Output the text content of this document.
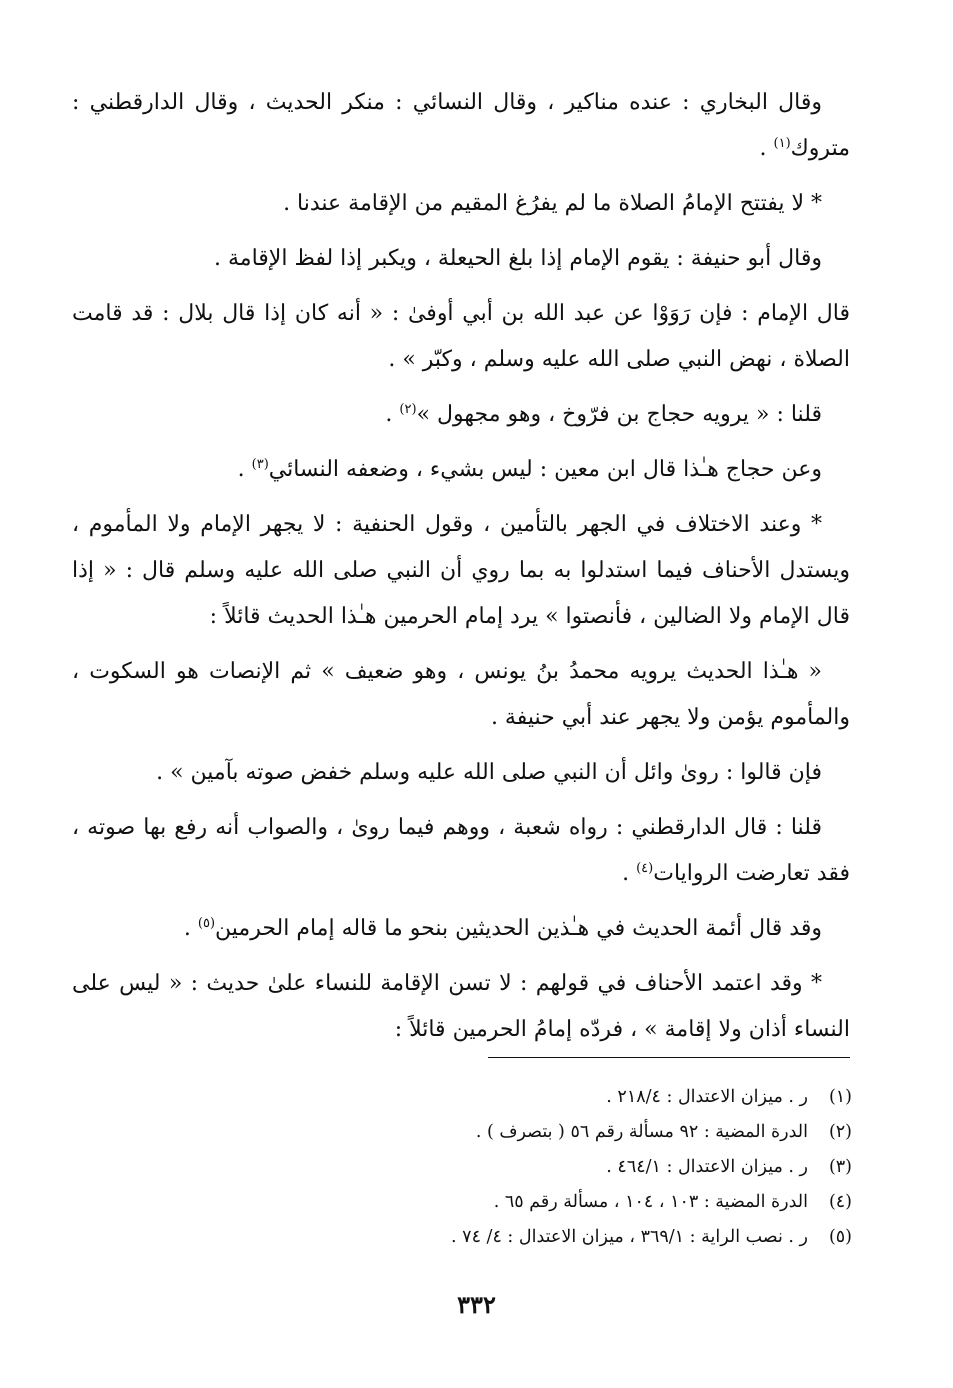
وقال البخاري : عنده مناكير ، وقال النسائي : منكر الحديث ، وقال الدارقطني : متروك$^{(١)}$ .

* لا يفتتح الإمامُ الصلاة ما لم يفرُغ المقيم من الإقامة عندنا .

وقال أبو حنيفة : يقوم الإمام إذا بلغ الحيعلة ، ويكبر إذا لفظ الإقامة .

قال الإمام : فإن رَوَوْا عن عبد الله بن أبي أوفىٰ : « أنه كان إذا قال بلال : قد قامت الصلاة ، نهض النبي صلى الله عليه وسلم ، وكبّر » .

قلنا : « يرويه حجاج بن فرّوخ ، وهو مجهول »$^{(٢)}$ .

وعن حجاج هـٰذا قال ابن معين : ليس بشيء ، وضعفه النسائي$^{(٣)}$ .

* وعند الاختلاف في الجهر بالتأمين ، وقول الحنفية : لا يجهر الإمام ولا المأموم ، ويستدل الأحناف فيما استدلوا به بما روي أن النبي صلى الله عليه وسلم قال : « إذا قال الإمام ولا الضالين ، فأنصتوا » يرد إمام الحرمين هـٰذا الحديث قائلاً :

« هـٰذا الحديث يرويه محمدُ بنُ يونس ، وهو ضعيف » ثم الإنصات هو السكوت ، والمأموم يؤمن ولا يجهر عند أبي حنيفة .

فإن قالوا : روىٰ وائل أن النبي صلى الله عليه وسلم خفض صوته بآمين » .

قلنا : قال الدارقطني : رواه شعبة ، ووهم فيما روىٰ ، والصواب أنه رفع بها صوته ، فقد تعارضت الروايات$^{(٤)}$ .

وقد قال أئمة الحديث في هـٰذين الحديثين بنحو ما قاله إمام الحرمين$^{(٥)}$ .

* وقد اعتمد الأحناف في قولهم : لا تسن الإقامة للنساء علىٰ حديث : « ليس على النساء أذان ولا إقامة » ، فردّه إمامُ الحرمين قائلاً :

(١)
ر . ميزان الاعتدال : ٢١٨/٤ .
(٢)
الدرة المضية : ٩٢ مسألة رقم ٥٦ ( بتصرف ) .
(٣)
ر . ميزان الاعتدال : ٤٦٤/١ .
(٤)
الدرة المضية : ١٠٣ ، ١٠٤ ، مسألة رقم ٦٥ .
(٥)
ر . نصب الراية : ٣٦٩/١ ، ميزان الاعتدال : ٤/ ٧٤ .
٣٣٢
